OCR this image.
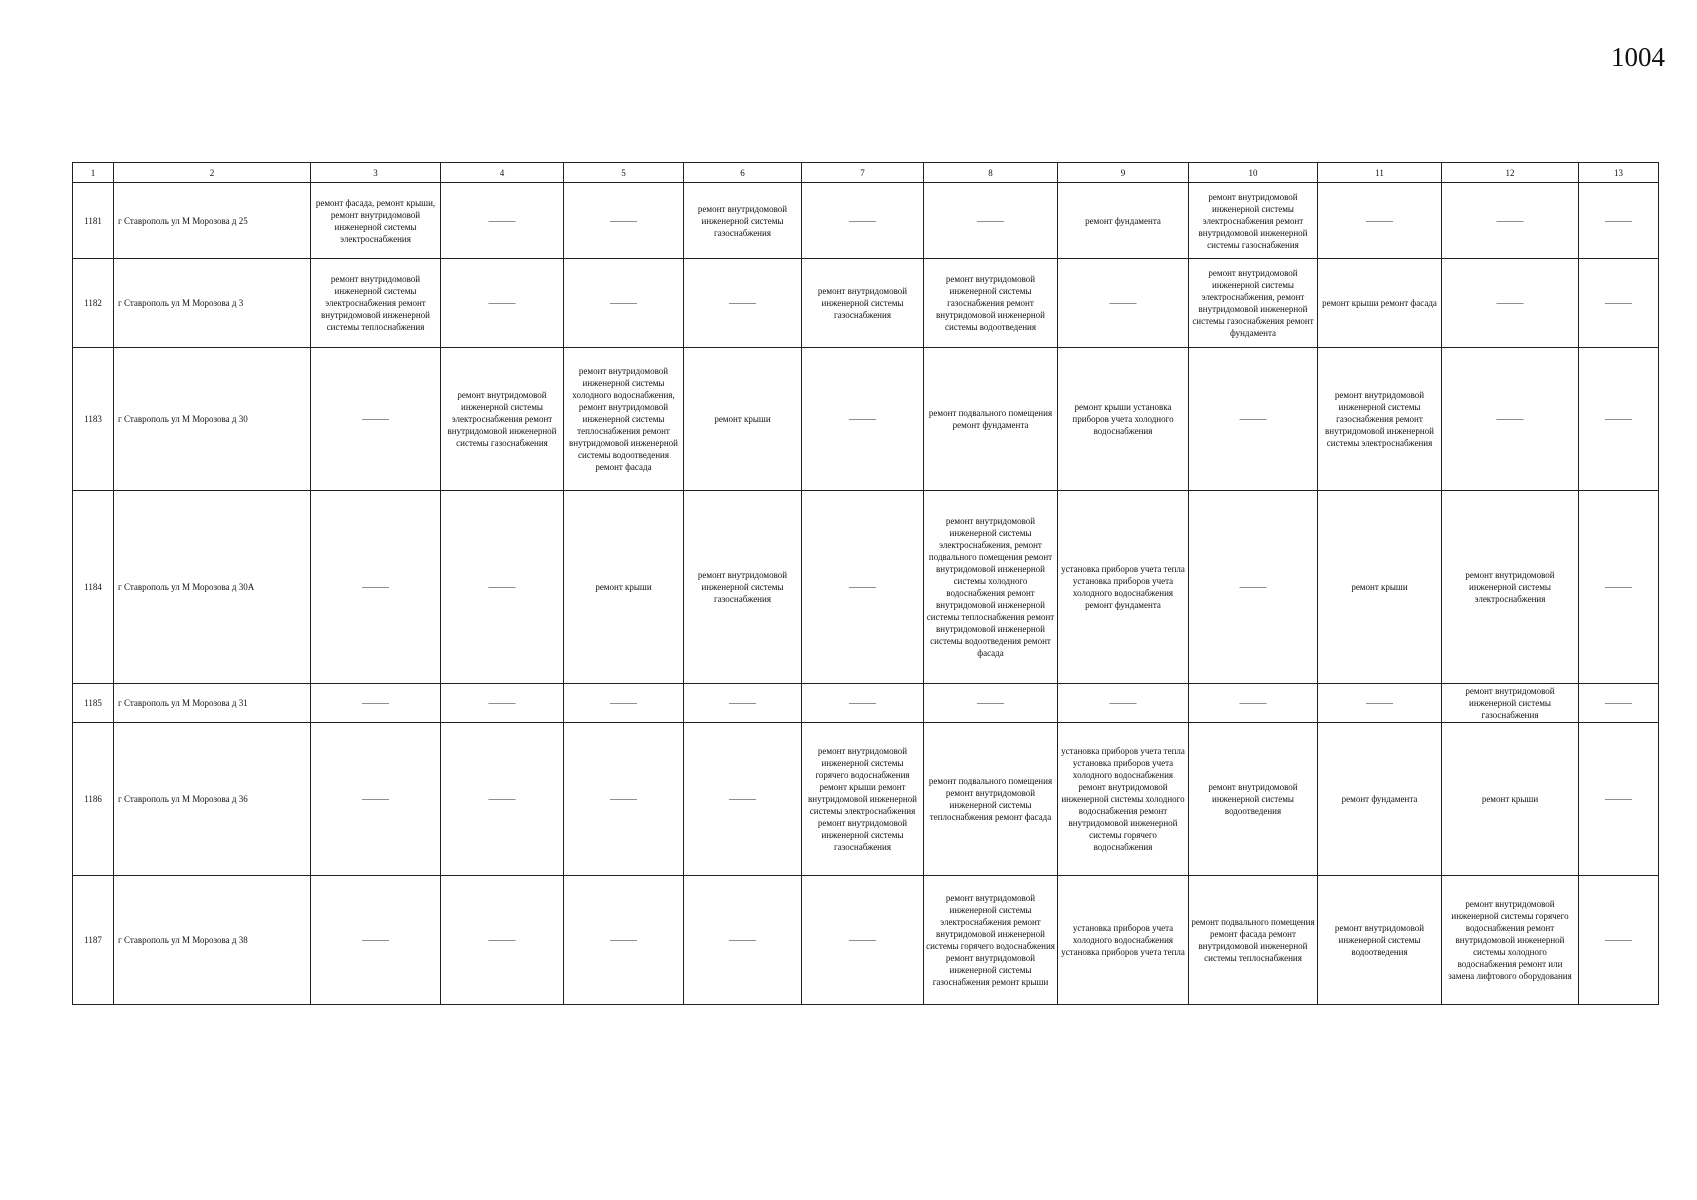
1004
1	2	3	4	5	6	7	8	9	10	11	12	13
1181	г Ставрополь ул М Морозова д 25	ремонт фасада, ремонт крыши, ремонт внутридомовой инженерной системы электроснабжения	———	———	ремонт внутридомовой инженерной системы газоснабжения	———	———	ремонт фундамента	ремонт внутридомовой инженерной системы электроснабжения ремонт внутридомовой инженерной системы газоснабжения	———	———	———
1182	г Ставрополь ул М Морозова д 3	ремонт внутридомовой инженерной системы электроснабжения ремонт внутридомовой инженерной системы теплоснабжения	———	———	———	ремонт внутридомовой инженерной системы газоснабжения	ремонт внутридомовой инженерной системы газоснабжения ремонт внутридомовой инженерной системы водоотведения	———	ремонт внутридомовой инженерной системы электроснабжения, ремонт внутридомовой инженерной системы газоснабжения ремонт фундамента	ремонт крыши ремонт фасада	———	———
1183	г Ставрополь ул М Морозова д 30	———	ремонт внутридомовой инженерной системы электроснабжения ремонт внутридомовой инженерной системы газоснабжения	ремонт внутридомовой инженерной системы холодного водоснабжения, ремонт внутридомовой инженерной системы теплоснабжения ремонт внутридомовой инженерной системы водоотведения ремонт фасада	ремонт крыши	———	ремонт подвального помещения ремонт фундамента	ремонт крыши установка приборов учета холодного водоснабжения	———	ремонт внутридомовой инженерной системы газоснабжения ремонт внутридомовой инженерной системы электроснабжения	———	———
1184	г Ставрополь ул М Морозова д 30А	———	———	ремонт крыши	ремонт внутридомовой инженерной системы газоснабжения	———	ремонт внутридомовой инженерной системы электроснабжения, ремонт подвального помещения ремонт внутридомовой инженерной системы холодного водоснабжения ремонт внутридомовой инженерной системы теплоснабжения ремонт внутридомовой инженерной системы водоотведения ремонт фасада	установка приборов учета тепла установка приборов учета холодного водоснабжения ремонт фундамента	———	ремонт крыши	ремонт внутридомовой инженерной системы электроснабжения	———
1185	г Ставрополь ул М Морозова д 31	———	———	———	———	———	———	———	———	———	ремонт внутридомовой инженерной системы газоснабжения	———
1186	г Ставрополь ул М Морозова д 36	———	———	———	———	ремонт внутридомовой инженерной системы горячего водоснабжения ремонт крыши ремонт внутридомовой инженерной системы электроснабжения ремонт внутридомовой инженерной системы газоснабжения	ремонт подвального помещения ремонт внутридомовой инженерной системы теплоснабжения ремонт фасада	установка приборов учета тепла установка приборов учета холодного водоснабжения ремонт внутридомовой инженерной системы холодного водоснабжения ремонт внутридомовой инженерной системы горячего водоснабжения	ремонт внутридомовой инженерной системы водоотведения	ремонт фундамента	ремонт крыши	———
1187	г Ставрополь ул М Морозова д 38	———	———	———	———	———	ремонт внутридомовой инженерной системы электроснабжения ремонт внутридомовой инженерной системы горячего водоснабжения ремонт внутридомовой инженерной системы газоснабжения ремонт крыши	установка приборов учета холодного водоснабжения установка приборов учета тепла	ремонт подвального помещения ремонт фасада ремонт внутридомовой инженерной системы теплоснабжения	ремонт внутридомовой инженерной системы водоотведения	ремонт внутридомовой инженерной системы горячего водоснабжения ремонт внутридомовой инженерной системы холодного водоснабжения ремонт или замена лифтового оборудования	———
